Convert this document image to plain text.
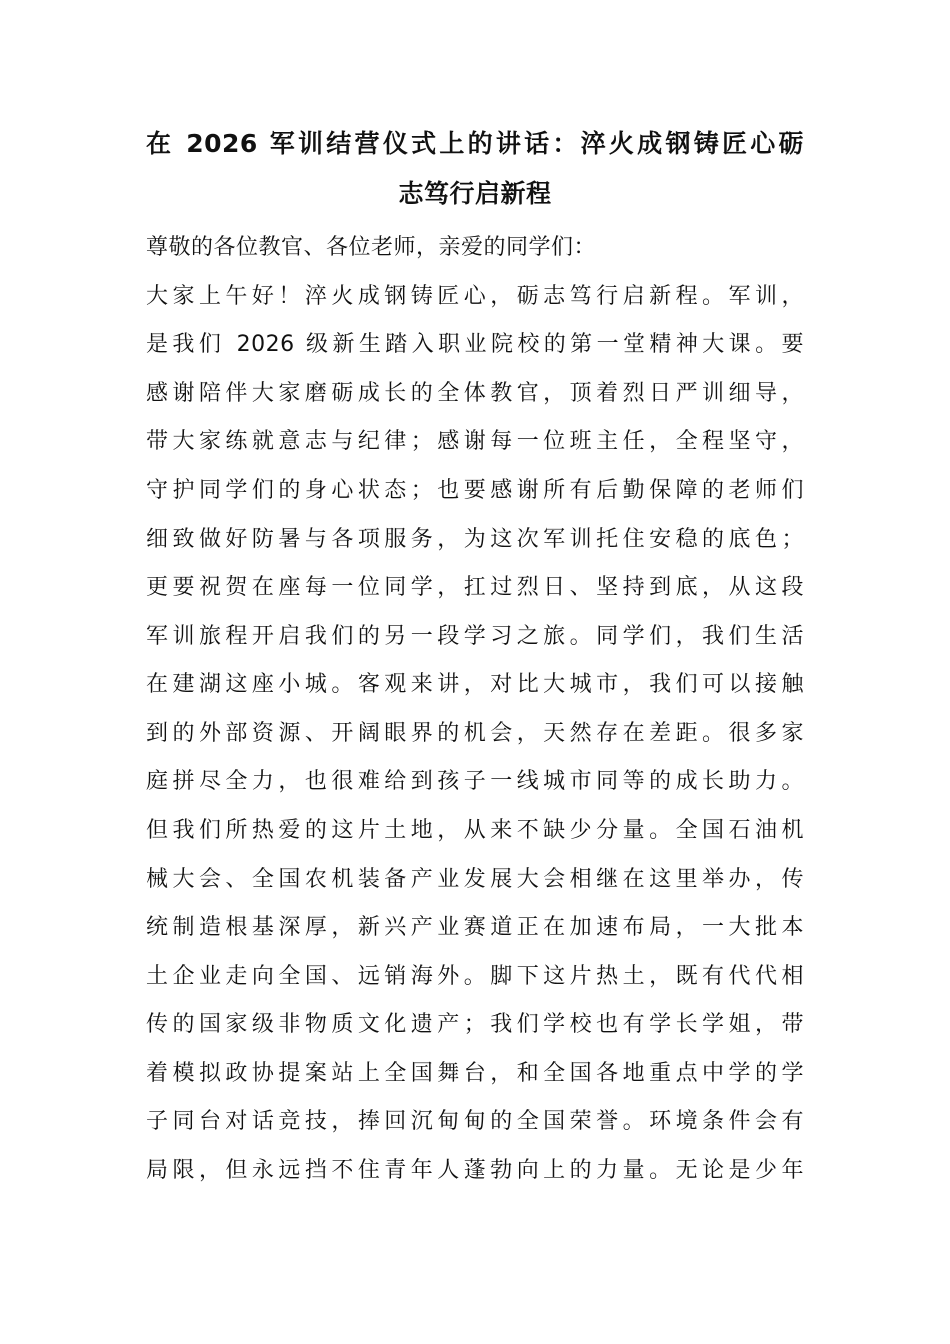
在 2026 军训结营仪式上的讲话：淬火成钢铸匠心砺
志笃行启新程
尊敬的各位教官、各位老师，亲爱的同学们：
大家上午好！淬火成钢铸匠心，砺志笃行启新程。军训，
是我们 2026 级新生踏入职业院校的第一堂精神大课。要
感谢陪伴大家磨砺成长的全体教官，顶着烈日严训细导，
带大家练就意志与纪律；感谢每一位班主任，全程坚守，
守护同学们的身心状态；也要感谢所有后勤保障的老师们
细致做好防暑与各项服务，为这次军训托住安稳的底色；
更要祝贺在座每一位同学，扛过烈日、坚持到底，从这段
军训旅程开启我们的另一段学习之旅。同学们，我们生活
在建湖这座小城。客观来讲，对比大城市，我们可以接触
到的外部资源、开阔眼界的机会，天然存在差距。很多家
庭拼尽全力，也很难给到孩子一线城市同等的成长助力。
但我们所热爱的这片土地，从来不缺少分量。全国石油机
械大会、全国农机装备产业发展大会相继在这里举办，传
统制造根基深厚，新兴产业赛道正在加速布局，一大批本
土企业走向全国、远销海外。脚下这片热土，既有代代相
传的国家级非物质文化遗产；我们学校也有学长学姐，带
着模拟政协提案站上全国舞台，和全国各地重点中学的学
子同台对话竞技，捧回沉甸甸的全国荣誉。环境条件会有
局限，但永远挡不住青年人蓬勃向上的力量。无论是少年
